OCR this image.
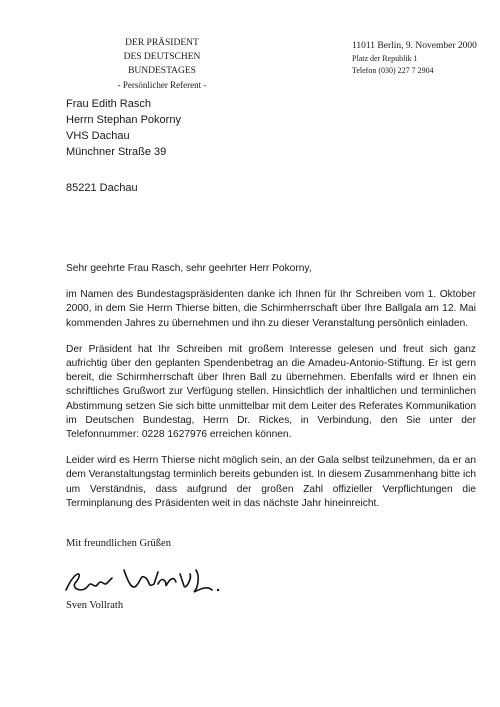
DER PRÄSIDENT
DES DEUTSCHEN BUNDESTAGES
- Persönlicher Referent -
11011 Berlin, 9. November 2000
Platz der Republik 1
Telefon (030) 227 7 2904
Frau Edith Rasch
Herrn Stephan Pokorny
VHS Dachau
Münchner Straße 39
85221 Dachau

Sehr geehrte Frau Rasch, sehr geehrter Herr Pokorny,

im Namen des Bundestagspräsidenten danke ich Ihnen für Ihr Schreiben vom 1. Oktober 2000, in dem Sie Herrn Thierse bitten, die Schirmherrschaft über Ihre Ballgala am 12. Mai kommenden Jahres zu übernehmen und ihn zu dieser Veranstaltung persönlich einladen.

Der Präsident hat Ihr Schreiben mit großem Interesse gelesen und freut sich ganz aufrichtig über den geplanten Spendenbetrag an die Amadeu-Antonio-Stiftung. Er ist gern bereit, die Schirmherrschaft über Ihren Ball zu übernehmen. Ebenfalls wird er Ihnen ein schriftliches Grußwort zur Verfügung stellen. Hinsichtlich der inhaltlichen und terminlichen Abstimmung setzen Sie sich bitte unmittelbar mit dem Leiter des Referates Kommunikation im Deutschen Bundestag, Herrn Dr. Rickes, in Verbindung, den Sie unter der Telefonnummer: 0228 1627976 erreichen können.

Leider wird es Herrn Thierse nicht möglich sein, an der Gala selbst teilzunehmen, da er an dem Veranstaltungstag terminlich bereits gebunden ist. In diesem Zusammenhang bitte ich um Verständnis, dass aufgrund der großen Zahl offizieller Verpflichtungen die Terminplanung des Präsidenten weit in das nächste Jahr hineinreicht.

Mit freundlichen Grüßen
Sven Vollrath
